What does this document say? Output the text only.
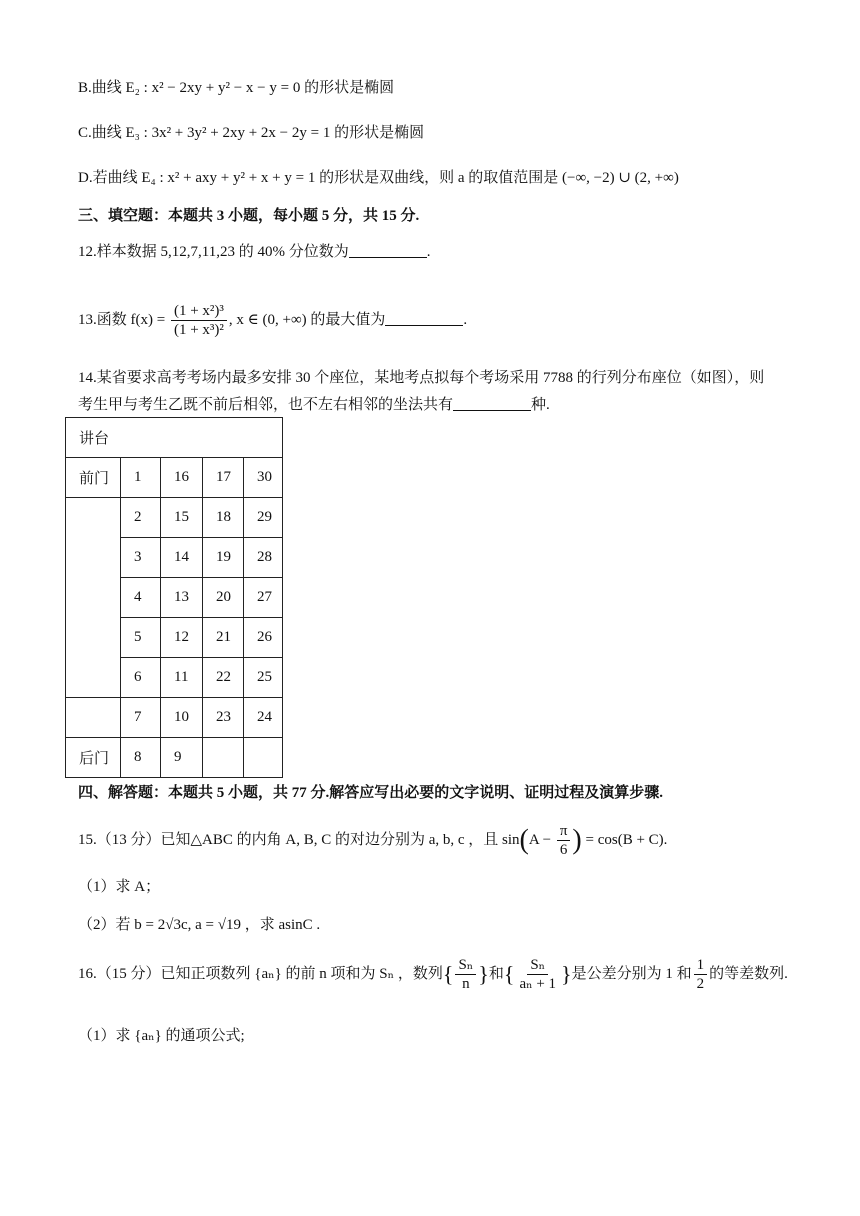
B.曲线 E₂ : x² − 2xy + y² − x − y = 0 的形状是椭圆
C.曲线 E₃ : 3x² + 3y² + 2xy + 2x − 2y = 1 的形状是椭圆
D.若曲线 E₄ : x² + axy + y² + x + y = 1 的形状是双曲线，则 a 的取值范围是 (−∞, −2) ∪ (2, +∞)
三、填空题：本题共 3 小题，每小题 5 分，共 15 分.
12.样本数据 5,12,7,11,23 的 40% 分位数为	.
13.函数 $f(x) = \frac{\text{(1 + x²)³}}{\text{(1 + x³)²}}$ , x ∈ (0, +∞) 的最大值为	.
14.某省要求高考考场内最多安排 30 个座位，某地考点拟每个考场采用 7788 的行列分布座位（如图），则
考生甲与考生乙既不前后相邻，也不左右相邻的坐法共有	种.
讲台				
前门	1	16	17	30
	2	15	18	29
	3	14	19	28
	4	13	20	27
	5	12	21	26
	6	11	22	25
	7	10	23	24
后门	8	9		
四、解答题：本题共 5 小题，共 77 分.解答应写出必要的文字说明、证明过程及演算步骤.
15.（13 分）已知△ABC 的内角 A, B, C 的对边分别为 a, b, c ，且 $\sin(A - \frac{\pi}{6}$ ) = cos(B + C).
（1）求 A；
（2）若 b = 2√3c, a = √19 ，求 asinC .
16.（15 分）已知正项数列 {aₙ} 的前 n 项和为 Sₙ ，数列{ $\frac{\text{Sₙ}}{n}$ }和{ $\frac{\text{Sₙ}}{\text{aₙ + 1}}$ }是公差分别为 1 和 $\frac{1}{2}$ 的等差数列.
（1）求 {aₙ} 的通项公式;
